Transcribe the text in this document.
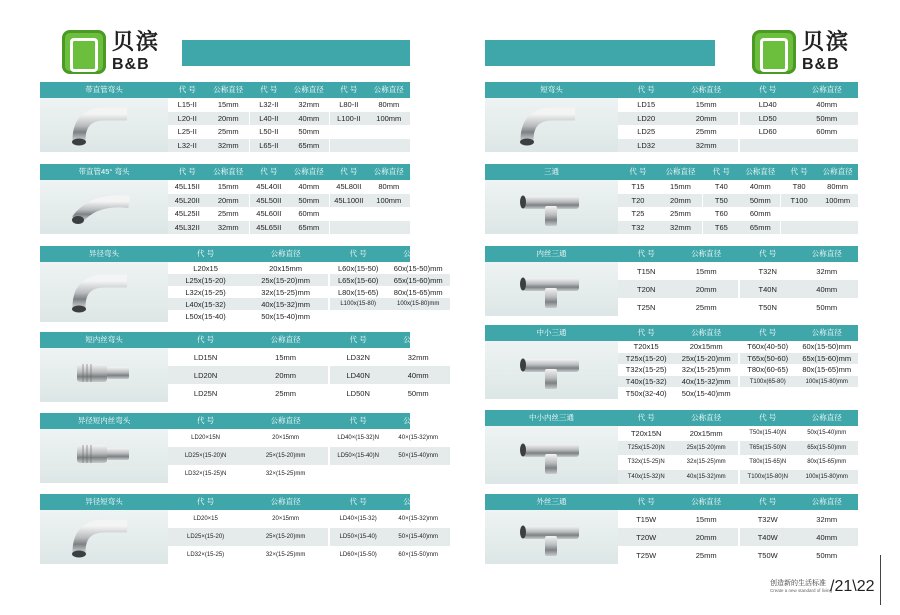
贝滨
B&B
贝滨
B&B
带直管弯头	代 号	公称直径
L15-II	15mm
L20-II	20mm
L25-II	25mm
L32-II	32mm
代 号	公称直径
L32-II	32mm
L40-II	40mm
L50-II	50mm
L65-II	65mm
代 号	公称直径
L80-II	80mm
L100-II	100mm
带直管45° 弯头	代 号	公称直径
45L15II	15mm
45L20II	20mm
45L25II	25mm
45L32II	32mm
代 号	公称直径
45L40II	40mm
45L50II	50mm
45L60II	60mm
45L65II	65mm
代 号	公称直径
45L80II	80mm
45L100II	100mm
异径弯头	代 号	公称直径
L20x15	20x15mm
L25x(15-20)	25x(15-20)mm
L32x(15-25)	32x(15-25)mm
L40x(15-32)	40x(15-32)mm
L50x(15-40)	50x(15-40)mm
代 号	公称直径
L60x(15-50)	60x(15-50)mm
L65x(15-60)	65x(15-60)mm
L80x(15-65)	80x(15-65)mm
L100x(15-80)	100x(15-80)mm
短内丝弯头	代 号	公称直径
LD15N	15mm
LD20N	20mm
LD25N	25mm
代 号	公称直径
LD32N	32mm
LD40N	40mm
LD50N	50mm
异径短内丝弯头	代 号	公称直径
LD20×15N	20×15mm
LD25×(15-20)N	25×(15-20)mm
LD32×(15-25)N	32×(15-25)mm
代 号	公称直径
LD40×(15-32)N	40×(15-32)mm
LD50×(15-40)N	50×(15-40)mm
异径短弯头	代 号	公称直径
LD20×15	20×15mm
LD25×(15-20)	25×(15-20)mm
LD32×(15-25)	32×(15-25)mm
代 号	公称直径
LD40×(15-32)	40×(15-32)mm
LD50×(15-40)	50×(15-40)mm
LD60×(15-50)	60×(15-50)mm
短弯头	代 号	公称直径
LD15	15mm
LD20	20mm
LD25	25mm
LD32	32mm
代 号	公称直径
LD40	40mm
LD50	50mm
LD60	60mm
三通	代 号	公称直径
T15	15mm
T20	20mm
T25	25mm
T32	32mm
代 号	公称直径
T40	40mm
T50	50mm
T60	60mm
T65	65mm
代 号	公称直径
T80	80mm
T100	100mm
内丝三通	代 号	公称直径
T15N	15mm
T20N	20mm
T25N	25mm
代 号	公称直径
T32N	32mm
T40N	40mm
T50N	50mm
中小三通	代 号	公称直径
T20x15	20x15mm
T25x(15-20)	25x(15-20)mm
T32x(15-25)	32x(15-25)mm
T40x(15-32)	40x(15-32)mm
T50x(32-40)	50x(15-40)mm
代 号	公称直径
T60x(40-50)	60x(15-50)mm
T65x(50-60)	65x(15-60)mm
T80x(60-65)	80x(15-65)mm
T100x(65-80)	100x(15-80)mm
中小内丝三通	代 号	公称直径
T20x15N	20x15mm
T25x(15-20)N	25x(15-20)mm
T32x(15-25)N	32x(15-25)mm
T40x(15-32)N	40x(15-32)mm
代 号	公称直径
T50x(15-40)N	50x(15-40)mm
T65x(15-50)N	65x(15-50)mm
T80x(15-65)N	80x(15-65)mm
T100x(15-80)N	100x(15-80)mm
外丝三通	代 号	公称直径
T15W	15mm
T20W	20mm
T25W	25mm
代 号	公称直径
T32W	32mm
T40W	40mm
T50W	50mm
创造新的生活标准
Create a new standard of living
/21\22
